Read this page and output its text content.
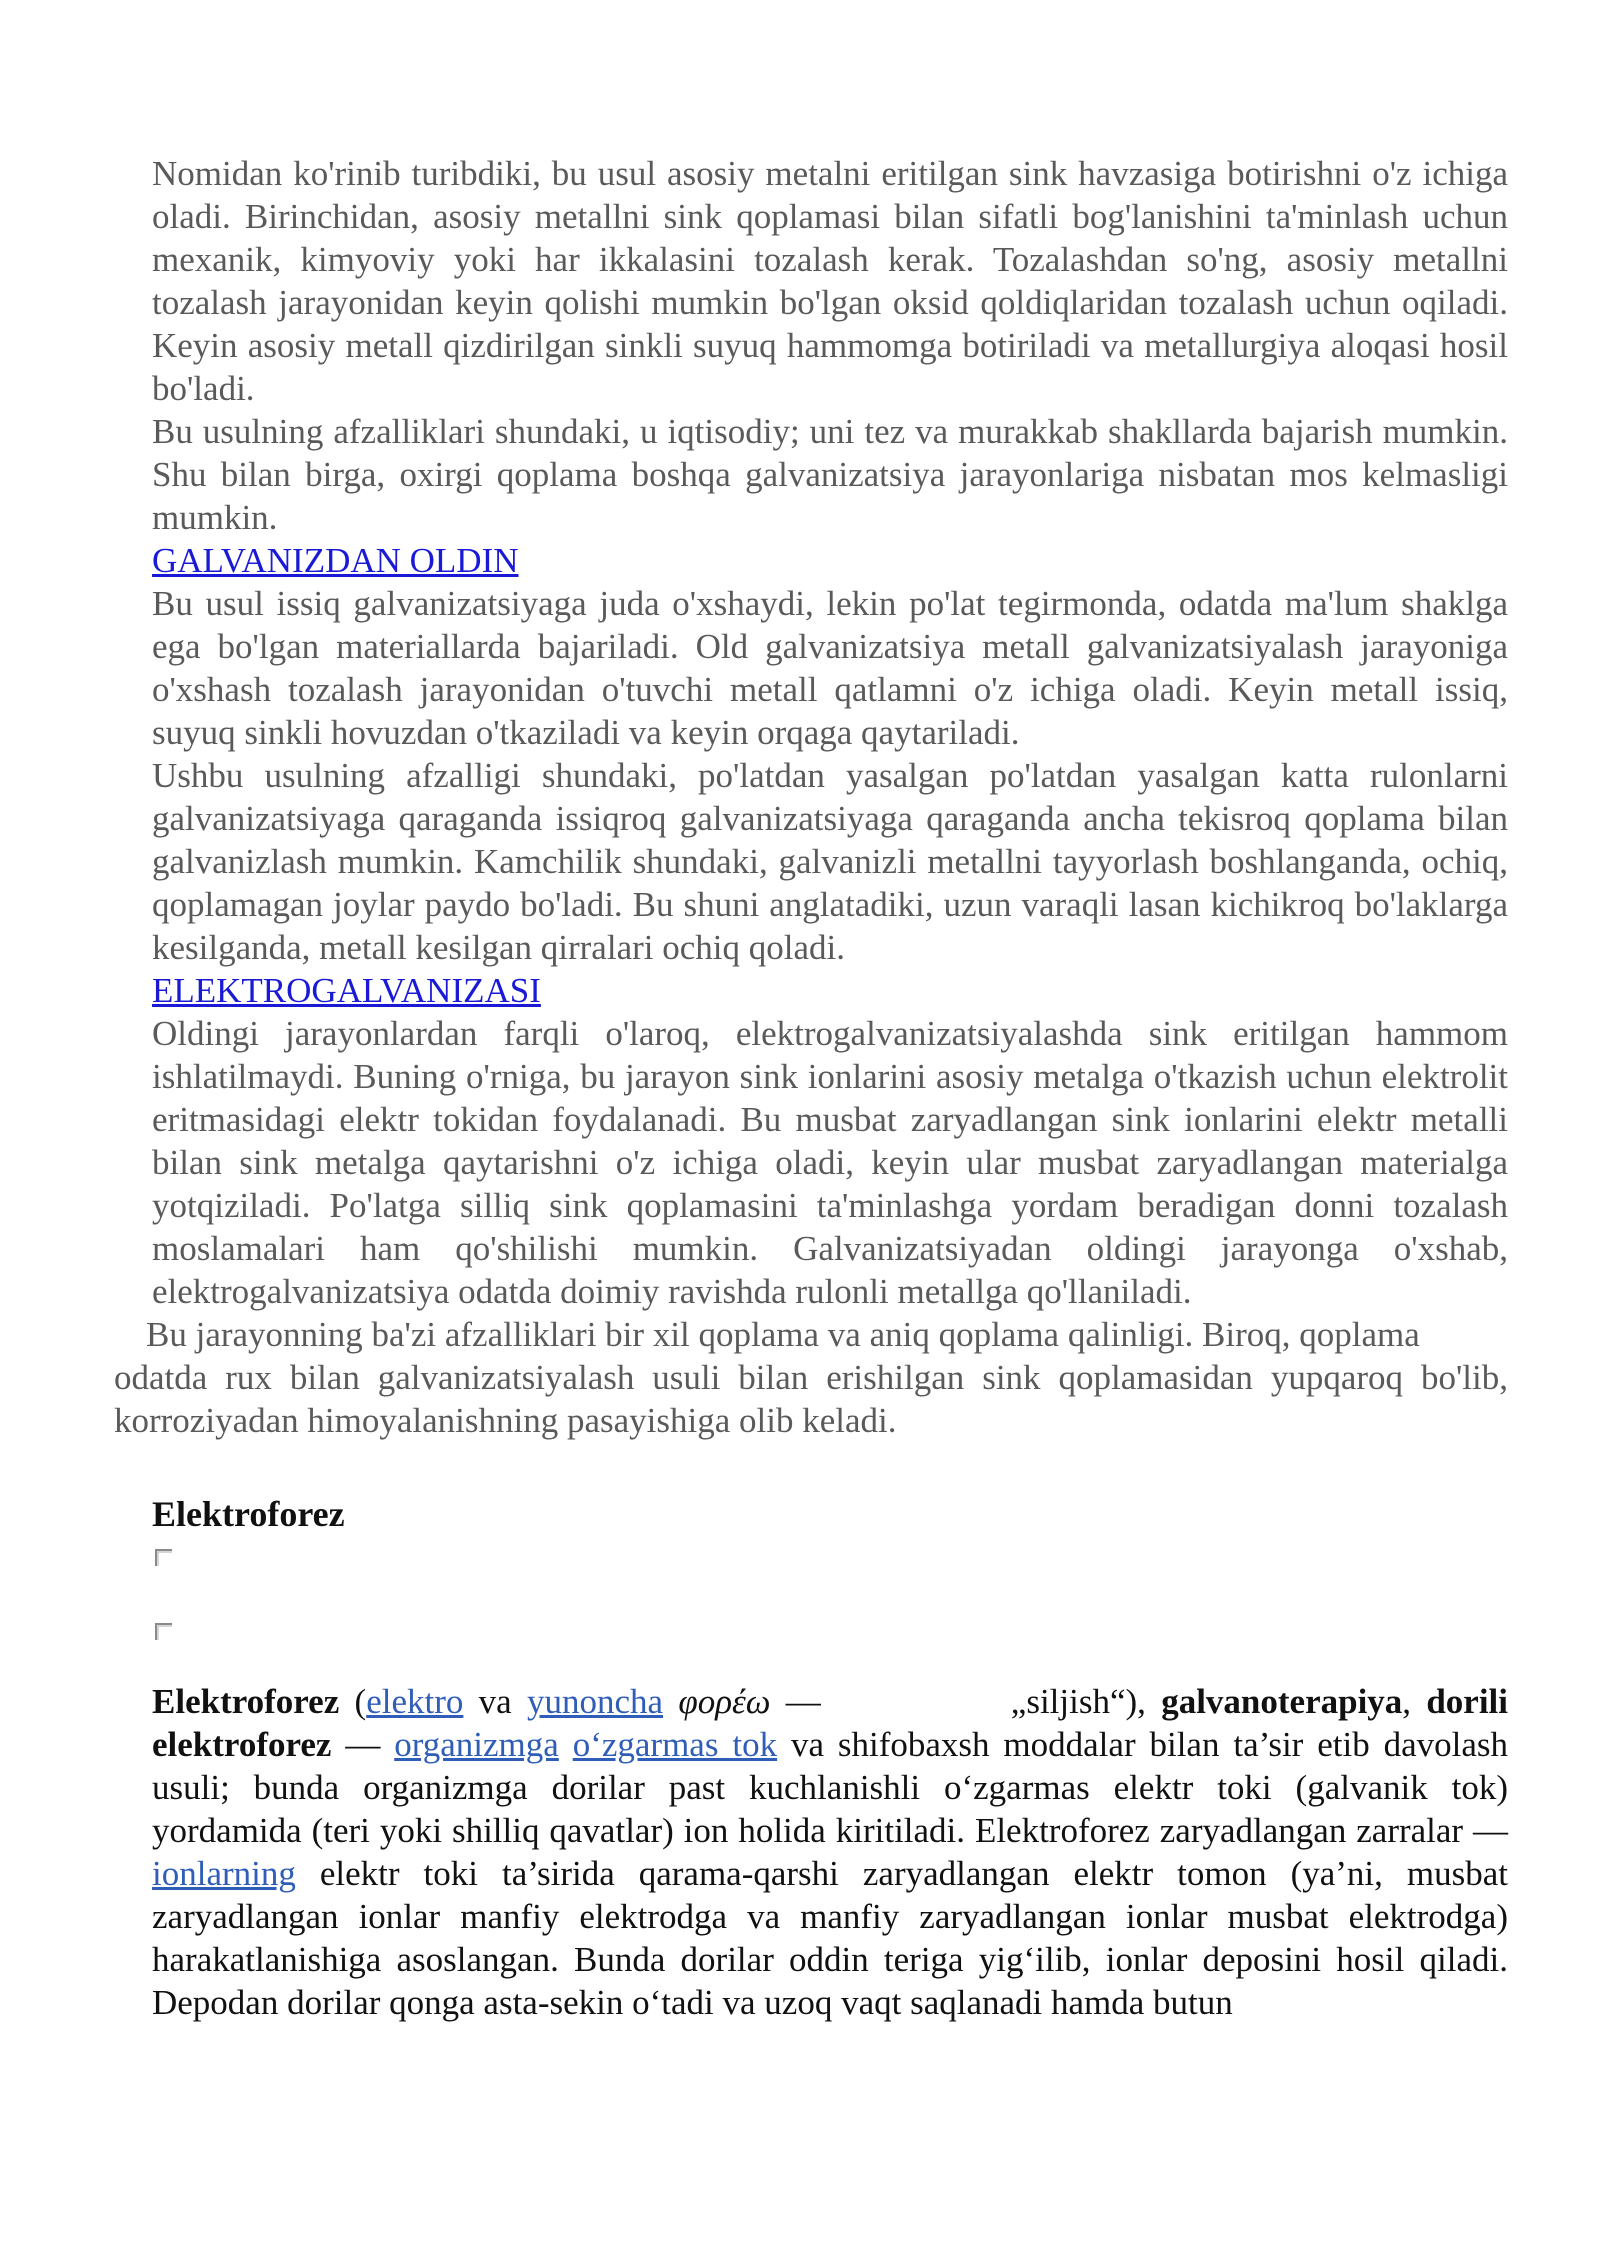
Nomidan ko'rinib turibdiki, bu usul asosiy metalni eritilgan sink havzasiga botirishni o'z ichiga oladi. Birinchidan, asosiy metallni sink qoplamasi bilan sifatli bog'lanishini ta'minlash uchun mexanik, kimyoviy yoki har ikkalasini tozalash kerak. Tozalashdan so'ng, asosiy metallni tozalash jarayonidan keyin qolishi mumkin bo'lgan oksid qoldiqlaridan tozalash uchun oqiladi. Keyin asosiy metall qizdirilgan sinkli suyuq hammomga botiriladi va metallurgiya aloqasi hosil bo'ladi.

Bu usulning afzalliklari shundaki, u iqtisodiy; uni tez va murakkab shakllarda bajarish mumkin. Shu bilan birga, oxirgi qoplama boshqa galvanizatsiya jarayonlariga nisbatan mos kelmasligi mumkin.

GALVANIZDAN OLDIN

Bu usul issiq galvanizatsiyaga juda o'xshaydi, lekin po'lat tegirmonda, odatda ma'lum shaklga ega bo'lgan materiallarda bajariladi. Old galvanizatsiya metall galvanizatsiyalash jarayoniga o'xshash tozalash jarayonidan o'tuvchi metall qatlamni o'z ichiga oladi. Keyin metall issiq, suyuq sinkli hovuzdan o'tkaziladi va keyin orqaga qaytariladi.

Ushbu usulning afzalligi shundaki, po'latdan yasalgan po'latdan yasalgan katta rulonlarni galvanizatsiyaga qaraganda issiqroq galvanizatsiyaga qaraganda ancha tekisroq qoplama bilan galvanizlash mumkin. Kamchilik shundaki, galvanizli metallni tayyorlash boshlanganda, ochiq, qoplamagan joylar paydo bo'ladi. Bu shuni anglatadiki, uzun varaqli lasan kichikroq bo'laklarga kesilganda, metall kesilgan qirralari ochiq qoladi.

ELEKTROGALVANIZASI

Oldingi jarayonlardan farqli o'laroq, elektrogalvanizatsiyalashda sink eritilgan hammom ishlatilmaydi. Buning o'rniga, bu jarayon sink ionlarini asosiy metalga o'tkazish uchun elektrolit eritmasidagi elektr tokidan foydalanadi. Bu musbat zaryadlangan sink ionlarini elektr metalli bilan sink metalga qaytarishni o'z ichiga oladi, keyin ular musbat zaryadlangan materialga yotqiziladi. Po'latga silliq sink qoplamasini ta'minlashga yordam beradigan donni tozalash moslamalari ham qo'shilishi mumkin. Galvanizatsiyadan oldingi jarayonga o'xshab, elektrogalvanizatsiya odatda doimiy ravishda rulonli metallga qo'llaniladi.

Bu jarayonning ba'zi afzalliklari bir xil qoplama va aniq qoplama qalinligi. Biroq, qoplama
odatda rux bilan galvanizatsiyalash usuli bilan erishilgan sink qoplamasidan yupqaroq bo'lib, korroziyadan himoyalanishning pasayishiga olib keladi.
Elektroforez

Elektroforez (elektro va yunoncha φορέω —	„siljish“), galvanoterapiya, dorili elektroforez — organizmga o‘zgarmas tok va shifobaxsh moddalar bilan ta’sir etib davolash usuli; bunda organizmga dorilar past kuchlanishli o‘zgarmas elektr toki (galvanik tok) yordamida (teri yoki shilliq qavatlar) ion holida kiritiladi. Elektroforez zaryadlangan zarralar — ionlarning elektr toki ta’sirida qarama-qarshi zaryadlangan elektr tomon (ya’ni, musbat zaryadlangan ionlar manfiy elektrodga va manfiy zaryadlangan ionlar musbat elektrodga) harakatlanishiga asoslangan. Bunda dorilar oddin teriga yig‘ilib, ionlar deposini hosil qiladi. Depodan dorilar qonga asta-sekin o‘tadi va uzoq vaqt saqlanadi hamda butun
